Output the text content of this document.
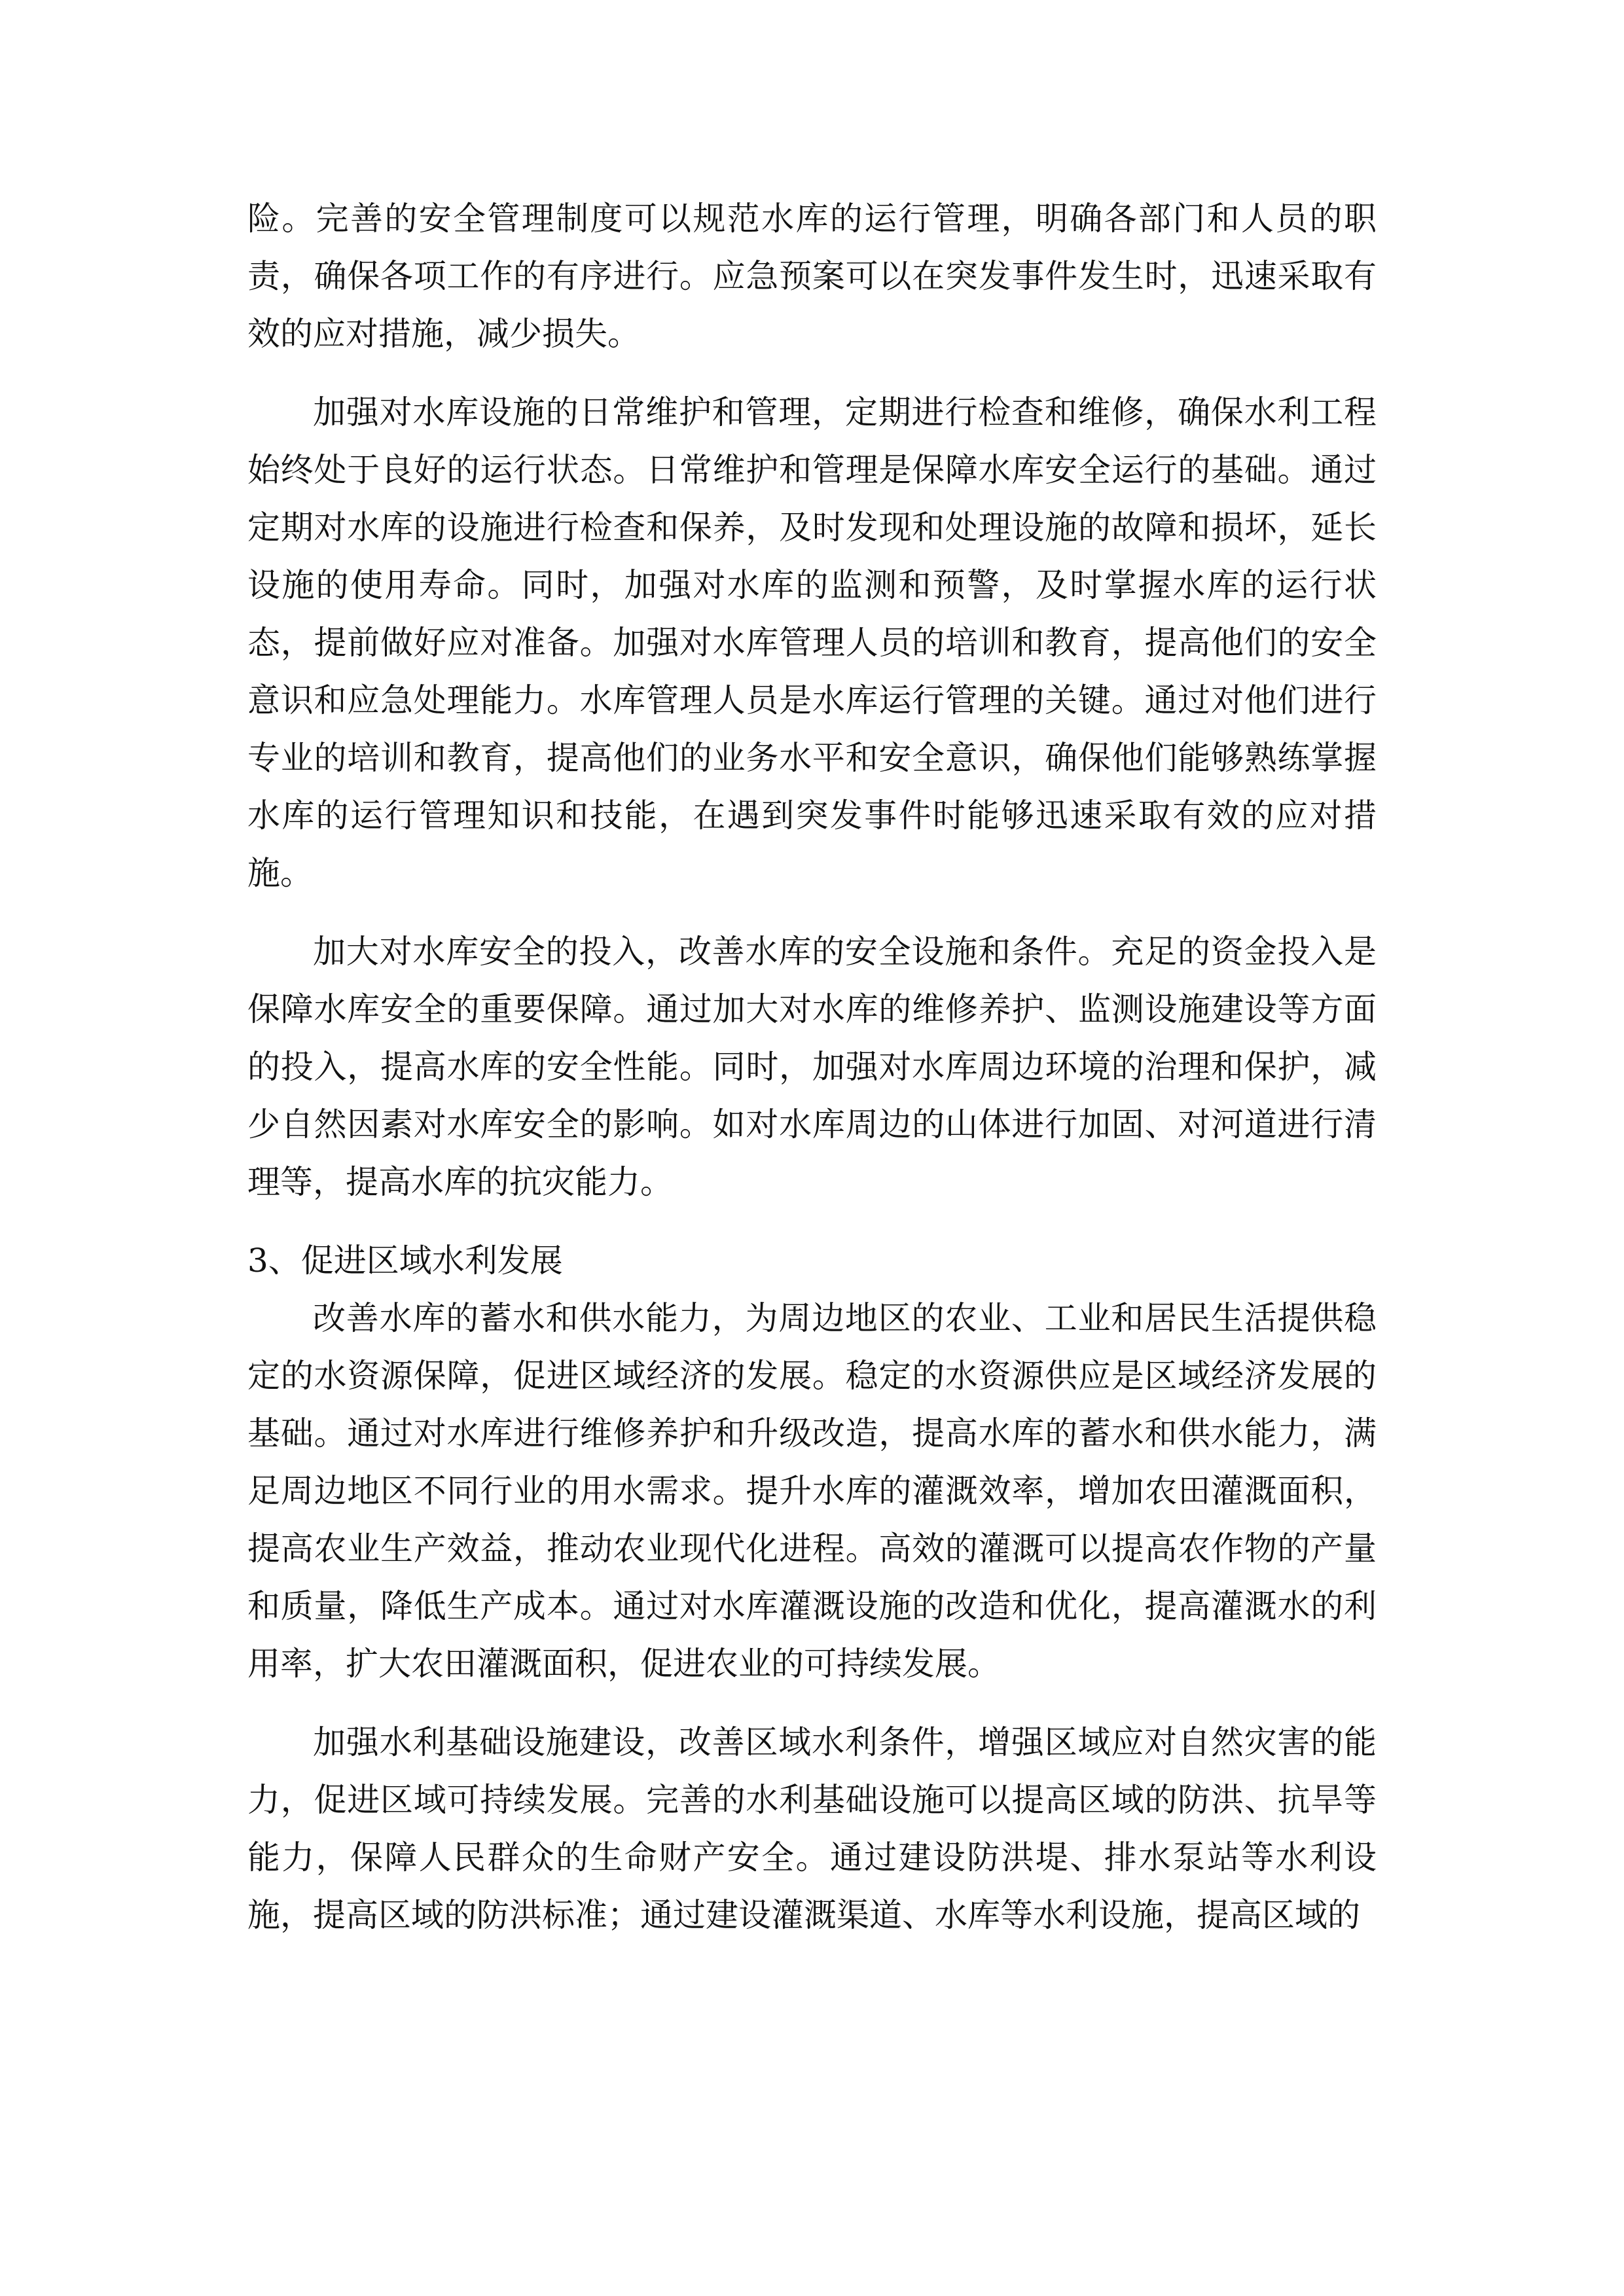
险。完善的安全管理制度可以规范水库的运行管理，明确各部门和人员的职责，确保各项工作的有序进行。应急预案可以在突发事件发生时，迅速采取有效的应对措施，减少损失。

加强对水库设施的日常维护和管理，定期进行检查和维修，确保水利工程始终处于良好的运行状态。日常维护和管理是保障水库安全运行的基础。通过定期对水库的设施进行检查和保养，及时发现和处理设施的故障和损坏，延长设施的使用寿命。同时，加强对水库的监测和预警，及时掌握水库的运行状态，提前做好应对准备。加强对水库管理人员的培训和教育，提高他们的安全意识和应急处理能力。水库管理人员是水库运行管理的关键。通过对他们进行专业的培训和教育，提高他们的业务水平和安全意识，确保他们能够熟练掌握水库的运行管理知识和技能，在遇到突发事件时能够迅速采取有效的应对措施。

加大对水库安全的投入，改善水库的安全设施和条件。充足的资金投入是保障水库安全的重要保障。通过加大对水库的维修养护、监测设施建设等方面的投入，提高水库的安全性能。同时，加强对水库周边环境的治理和保护，减少自然因素对水库安全的影响。如对水库周边的山体进行加固、对河道进行清理等，提高水库的抗灾能力。

3、促进区域水利发展

改善水库的蓄水和供水能力，为周边地区的农业、工业和居民生活提供稳定的水资源保障，促进区域经济的发展。稳定的水资源供应是区域经济发展的基础。通过对水库进行维修养护和升级改造，提高水库的蓄水和供水能力，满足周边地区不同行业的用水需求。提升水库的灌溉效率，增加农田灌溉面积，提高农业生产效益，推动农业现代化进程。高效的灌溉可以提高农作物的产量和质量，降低生产成本。通过对水库灌溉设施的改造和优化，提高灌溉水的利用率，扩大农田灌溉面积，促进农业的可持续发展。

加强水利基础设施建设，改善区域水利条件，增强区域应对自然灾害的能力，促进区域可持续发展。完善的水利基础设施可以提高区域的防洪、抗旱等能力，保障人民群众的生命财产安全。通过建设防洪堤、排水泵站等水利设施，提高区域的防洪标准；通过建设灌溉渠道、水库等水利设施，提高区域的
